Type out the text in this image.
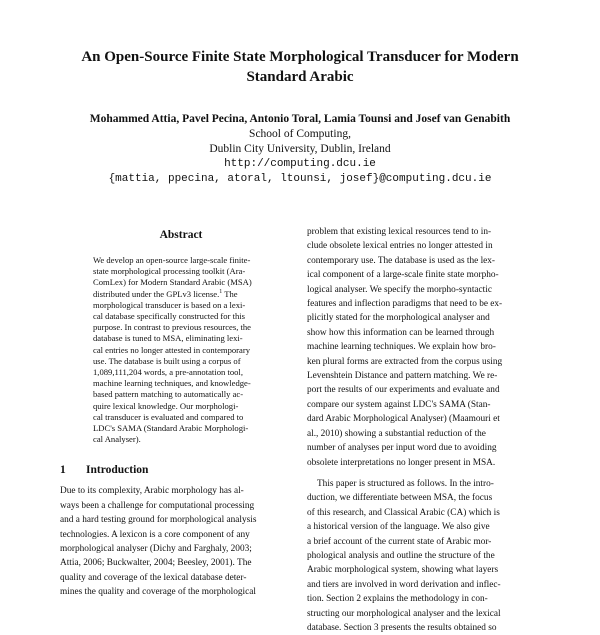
An Open-Source Finite State Morphological Transducer for Modern
Standard Arabic
Mohammed Attia, Pavel Pecina, Antonio Toral, Lamia Tounsi and Josef van Genabith
School of Computing,
Dublin City University, Dublin, Ireland
http://computing.dcu.ie
{mattia, ppecina, atoral, ltounsi, josef}@computing.dcu.ie
Abstract
We develop an open-source large-scale finite-
state morphological processing toolkit (Ara-
ComLex) for Modern Standard Arabic (MSA)
distributed under the GPLv3 license.$^1$ The
morphological transducer is based on a lexi-
cal database specifically constructed for this
purpose. In contrast to previous resources, the
database is tuned to MSA, eliminating lexi-
cal entries no longer attested in contemporary
use. The database is built using a corpus of
1,089,111,204 words, a pre-annotation tool,
machine learning techniques, and knowledge-
based pattern matching to automatically ac-
quire lexical knowledge. Our morphologi-
cal transducer is evaluated and compared to
LDC's SAMA (Standard Arabic Morphologi-
cal Analyser).
1 Introduction
Due to its complexity, Arabic morphology has al-
ways been a challenge for computational processing
and a hard testing ground for morphological analysis
technologies. A lexicon is a core component of any
morphological analyser (Dichy and Farghaly, 2003;
Attia, 2006; Buckwalter, 2004; Beesley, 2001). The
quality and coverage of the lexical database deter-
mines the quality and coverage of the morphological
problem that existing lexical resources tend to in-
clude obsolete lexical entries no longer attested in
contemporary use. The database is used as the lex-
ical component of a large-scale finite state morpho-
logical analyser. We specify the morpho-syntactic
features and inflection paradigms that need to be ex-
plicitly stated for the morphological analyser and
show how this information can be learned through
machine learning techniques. We explain how bro-
ken plural forms are extracted from the corpus using
Levenshtein Distance and pattern matching. We re-
port the results of our experiments and evaluate and
compare our system against LDC's SAMA (Stan-
dard Arabic Morphological Analyser) (Maamouri et
al., 2010) showing a substantial reduction of the
number of analyses per input word due to avoiding
obsolete interpretations no longer present in MSA.
This paper is structured as follows. In the intro-
duction, we differentiate between MSA, the focus
of this research, and Classical Arabic (CA) which is
a historical version of the language. We also give
a brief account of the current state of Arabic mor-
phological analysis and outline the structure of the
Arabic morphological system, showing what layers
and tiers are involved in word derivation and inflec-
tion. Section 2 explains the methodology in con-
structing our morphological analyser and the lexical
database. Section 3 presents the results obtained so
